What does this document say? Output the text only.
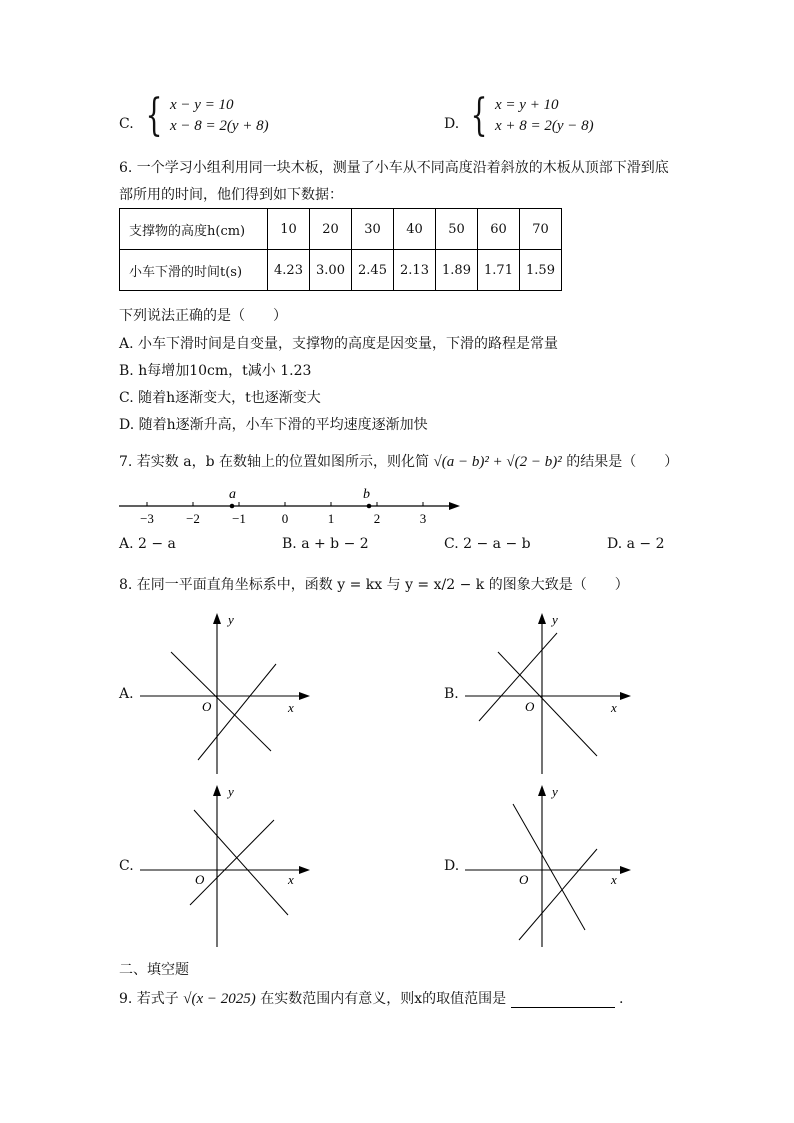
C. { x − y = 10
x − 8 = 2(y + 8)	D. { x = y + 10
x + 8 = 2(y − 8)
6. 一个学习小组利用同一块木板，测量了小车从不同高度沿着斜放的木板从顶部下滑到底
部所用的时间，他们得到如下数据：
支撑物的高度h(cm)	10	20	30	40	50	60	70
小车下滑的时间t(s)	4.23	3.00	2.45	2.13	1.89	1.71	1.59
下列说法正确的是（　　）
A. 小车下滑时间是自变量，支撑物的高度是因变量，下滑的路程是常量
B. h每增加10cm，t减小 1.23
C. 随着h逐渐变大，t也逐渐变大
D. 随着h逐渐升高，小车下滑的平均速度逐渐加快
7. 若实数 a，b 在数轴上的位置如图所示，则化简 √(a − b)² + √(2 − b)² 的结果是（　　）
−3 −2 −1	0	1	2	3
a	b
A. 2 − a	B. a + b − 2	C. 2 − a − b	D. a − 2
8. 在同一平面直角坐标系中，函数 y = kx 与 y = x/2 − k 的图象大致是（　　）
A.	B.
C.	D.
O	x
y
O	x
y
O	x
y
O	x
y
二、填空题
9. 若式子 √(x − 2025) 在实数范围内有意义，则x的取值范围是	.
